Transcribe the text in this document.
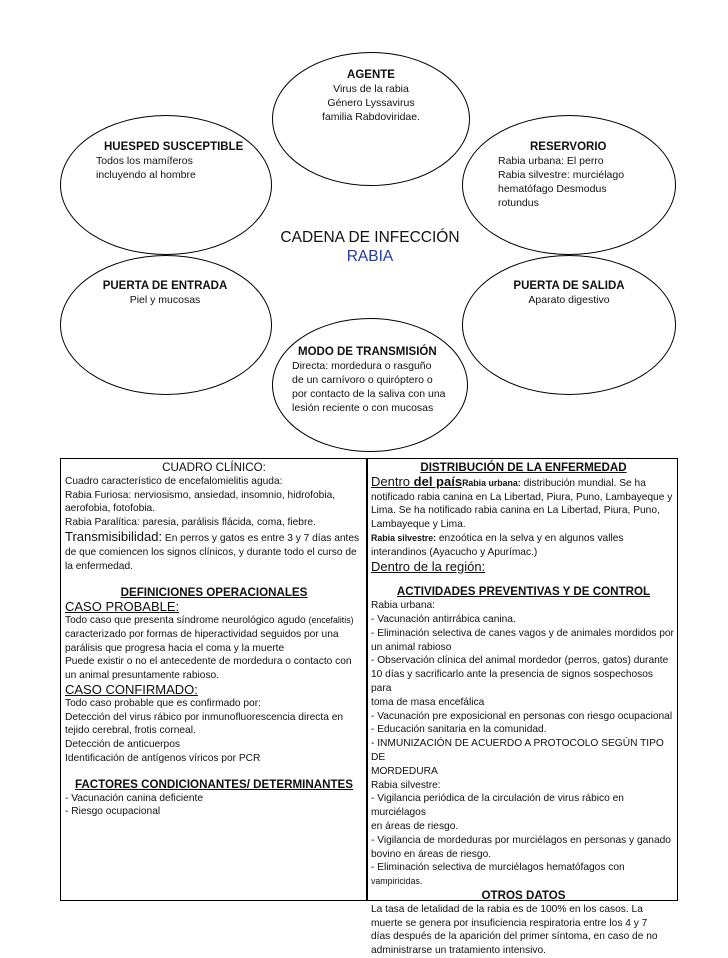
AGENTE
Virus de la rabia
Género Lyssavirus
familia Rabdoviridae.
HUESPED SUSCEPTIBLE
Todos los mamíferos
incluyendo al hombre
RESERVORIO
Rabia urbana: El perro
Rabia silvestre: murciélago
hematófago Desmodus
rotundus
CADENA DE INFECCIÓN
RABIA
PUERTA DE ENTRADA
Piel y mucosas
PUERTA DE SALIDA
Aparato digestivo
MODO DE TRANSMISIÓN
Directa: mordedura o rasguño
de un carnívoro o quiróptero o
por contacto de la saliva con una
lesión reciente o con mucosas
CUADRO CLÍNICO:
Cuadro característico de encefalomielitis aguda:
Rabia Furiosa: nerviosismo, ansiedad, insomnio, hidrofobia,
aerofobia, fotofobia.
Rabia Paralítica: paresia, parálisis flácida, coma, fiebre.
Transmisibilidad: En perros y gatos es entre 3 y 7 días antes
de que comiencen los signos clínicos, y durante todo el curso de
la enfermedad.
DEFINICIONES OPERACIONALES
CASO PROBABLE:
Todo caso que presenta síndrome neurológico agudo (encefalitis)
caracterizado por formas de hiperactividad seguidos por una
parálisis que progresa hacia el coma y la muerte
Puede existir o no el antecedente de mordedura o contacto con
un animal presuntamente rabioso.
CASO CONFIRMADO:
Todo caso probable que es confirmado por:
Detección del virus rábico por inmunofluorescencia directa en
tejido cerebral, frotis corneal.
Detección de anticuerpos
Identificación de antígenos víricos por PCR
FACTORES CONDICIONANTES/ DETERMINANTES
- Vacunación canina deficiente
- Riesgo ocupacional
DISTRIBUCIÓN DE LA ENFERMEDAD
Dentro del paísRabia urbana: distribución mundial. Se ha
notificado rabia canina en La Libertad, Piura, Puno, Lambayeque y
Lima. Se ha notificado rabia canina en La Libertad, Piura, Puno,
Lambayeque y Lima.
Rabia silvestre: enzoótica en la selva y en algunos valles
interandinos (Ayacucho y Apurímac.)
Dentro de la región:
ACTIVIDADES PREVENTIVAS Y DE CONTROL
Rabia urbana:
- Vacunación antirrábica canina.
- Eliminación selectiva de canes vagos y de animales mordidos por
un animal rabioso
- Observación clínica del animal mordedor (perros, gatos) durante
10 días y sacrificarlo ante la presencia de signos sospechosos para
toma de masa encefálica
- Vacunación pre exposicional en personas con riesgo ocupacional
- Educación sanitaria en la comunidad.
- INMUNIZACIÓN DE ACUERDO A PROTOCOLO SEGÚN TIPO DE
MORDEDURA
Rabia silvestre:
- Vigilancia periódica de la circulación de virus rábico en murciélagos
en áreas de riesgo.
- Vigilancia de mordeduras por murciélagos en personas y ganado
bovino en áreas de riesgo.
- Eliminación selectiva de murciélagos hematófagos con vampiricidas.
OTROS DATOS
La tasa de letalidad de la rabia es de 100% en los casos. La
muerte se genera por insuficiencia respiratoria entre los 4 y 7
días después de la aparición del primer síntoma, en caso de no
administrarse un tratamiento intensivo.
